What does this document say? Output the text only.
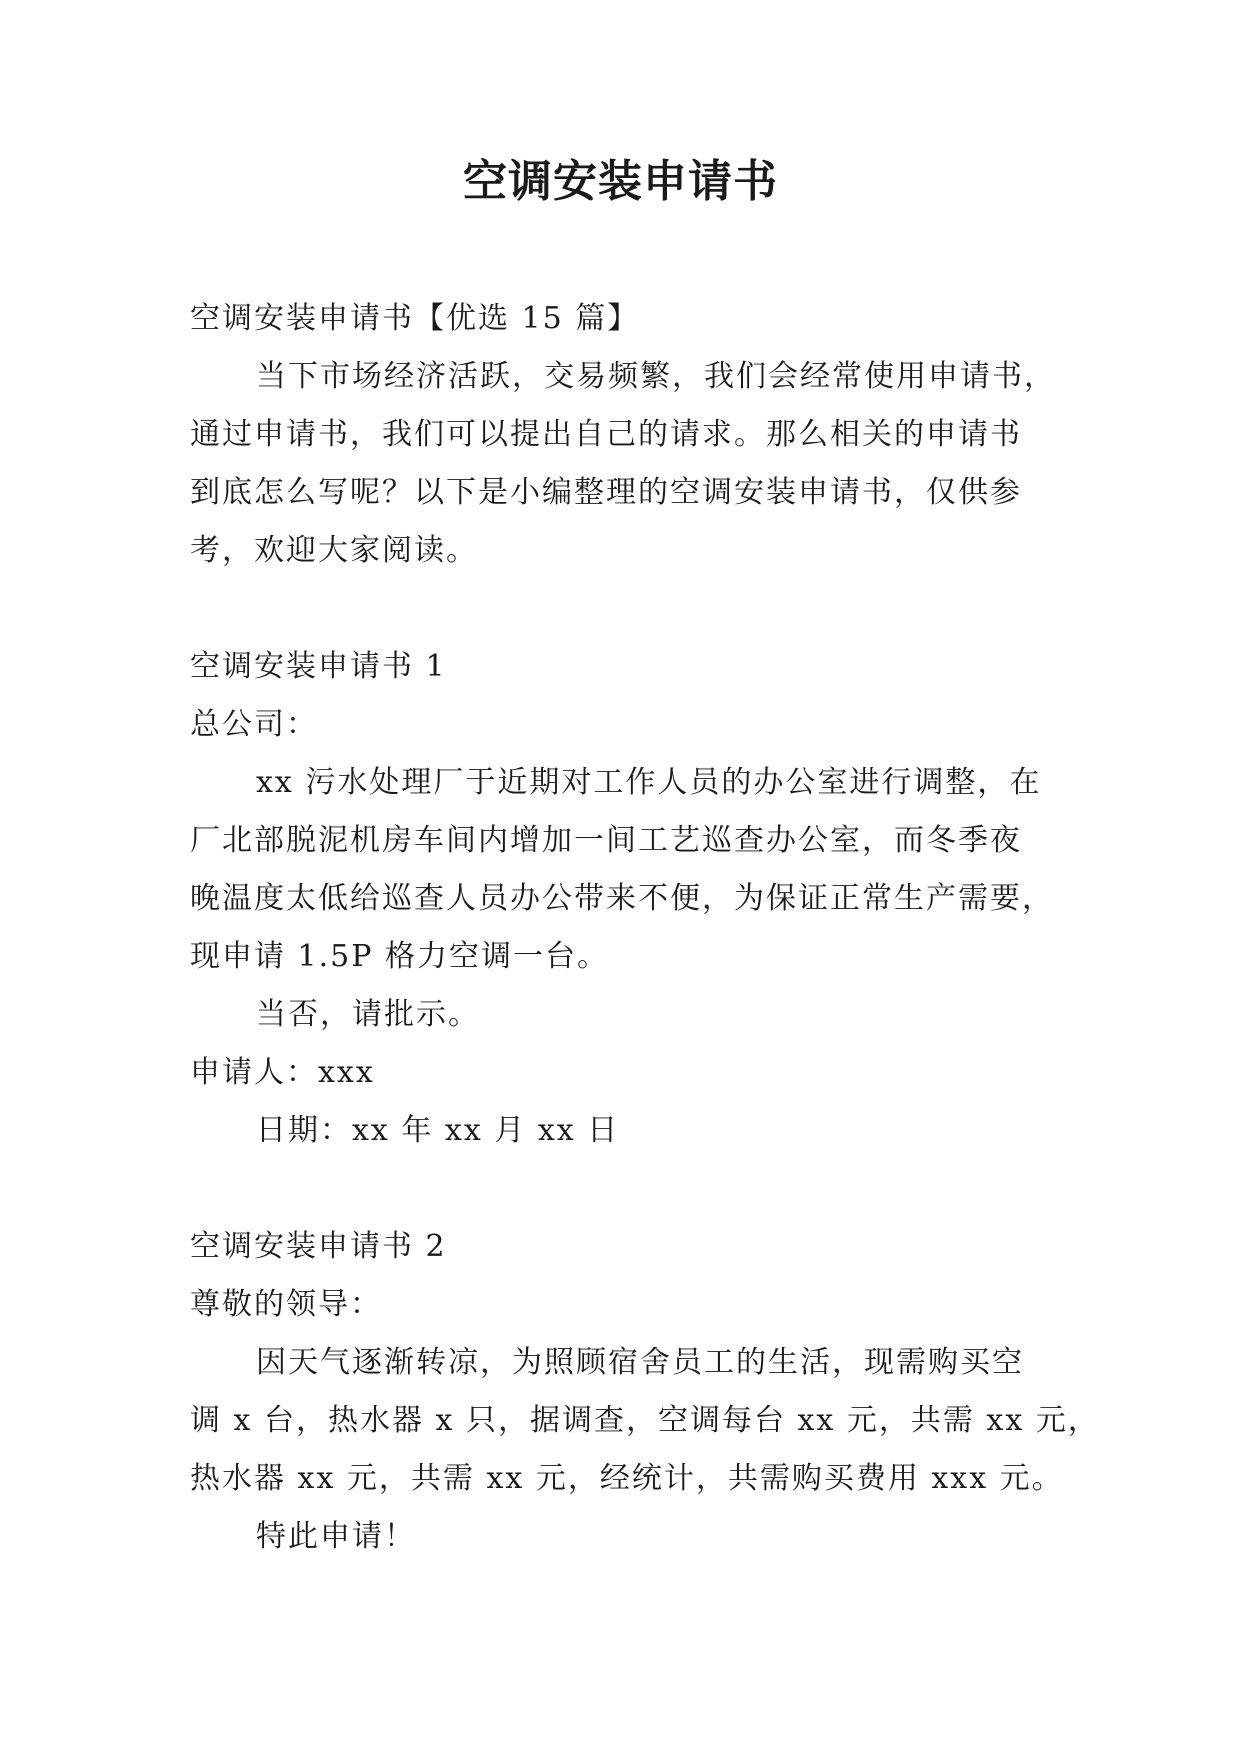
空调安装申请书

空调安装申请书【优选 15 篇】

当下市场经济活跃，交易频繁，我们会经常使用申请书，

通过申请书，我们可以提出自己的请求。那么相关的申请书

到底怎么写呢？以下是小编整理的空调安装申请书，仅供参

考，欢迎大家阅读。

空调安装申请书 1

总公司：

xx 污水处理厂于近期对工作人员的办公室进行调整，在

厂北部脱泥机房车间内增加一间工艺巡查办公室，而冬季夜

晚温度太低给巡查人员办公带来不便，为保证正常生产需要，

现申请 1.5P 格力空调一台。

当否，请批示。

申请人：xxx

日期：xx 年 xx 月 xx 日

空调安装申请书 2

尊敬的领导：

因天气逐渐转凉，为照顾宿舍员工的生活，现需购买空

调 x 台，热水器 x 只，据调查，空调每台 xx 元，共需 xx 元，

热水器 xx 元，共需 xx 元，经统计，共需购买费用 xxx 元。

特此申请！
